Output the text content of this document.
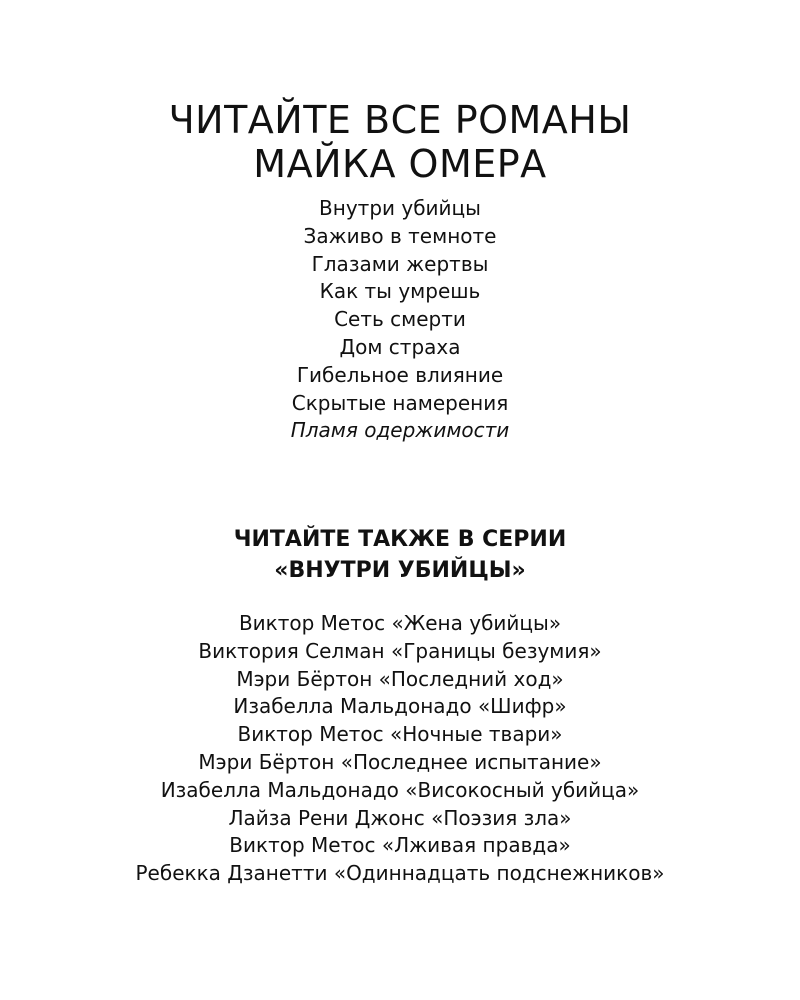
ЧИТАЙТЕ ВСЕ РОМАНЫ
МАЙКА ОМЕРА
Внутри убийцы
Заживо в темноте
Глазами жертвы
Как ты умрешь
Сеть смерти
Дом страха
Гибельное влияние
Скрытые намерения
Пламя одержимости
ЧИТАЙТЕ ТАКЖЕ В СЕРИИ
«ВНУТРИ УБИЙЦЫ»
Виктор Метос «Жена убийцы»
Виктория Селман «Границы безумия»
Мэри Бёртон «Последний ход»
Изабелла Мальдонадо «Шифр»
Виктор Метос «Ночные твари»
Мэри Бёртон «Последнее испытание»
Изабелла Мальдонадо «Високосный убийца»
Лайза Рени Джонс «Поэзия зла»
Виктор Метос «Лживая правда»
Ребекка Дзанетти «Одиннадцать подснежников»
